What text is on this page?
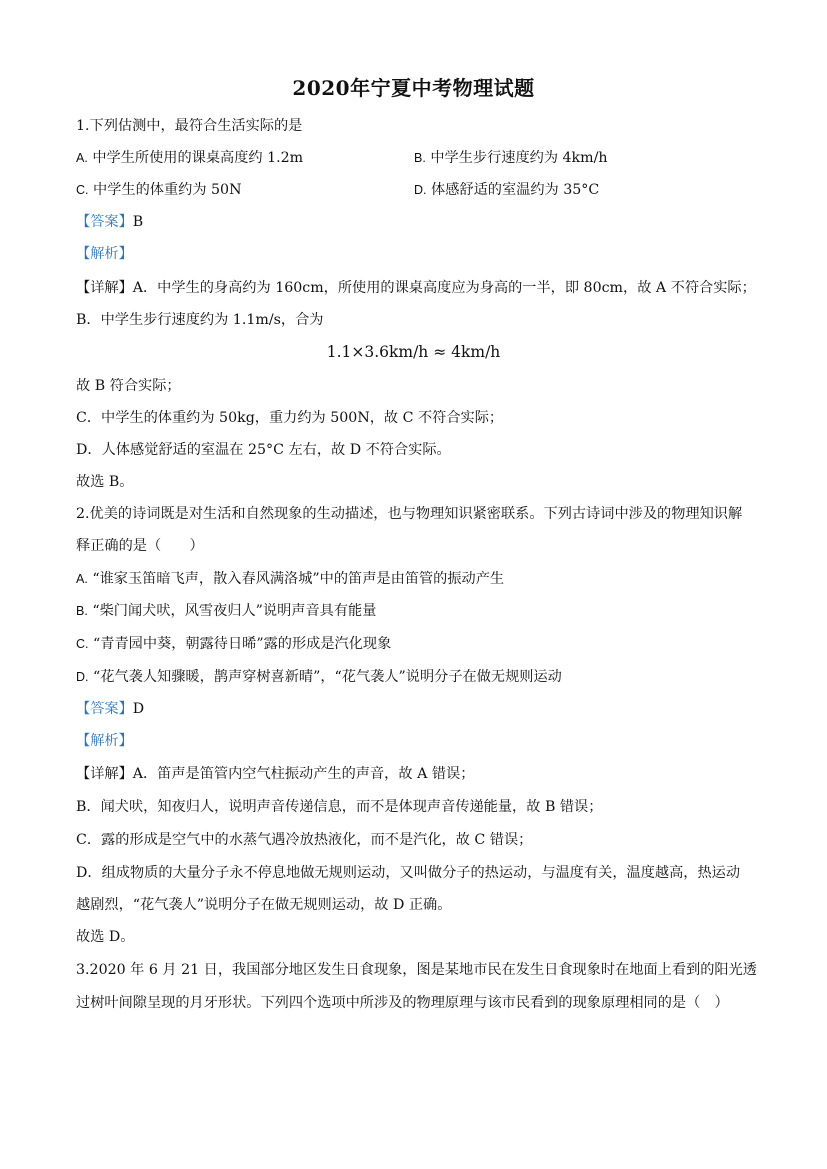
2020年宁夏中考物理试题
1.下列估测中，最符合生活实际的是
A. 中学生所使用的课桌高度约 1.2m	B. 中学生步行速度约为 4km/h
C. 中学生的体重约为 50N	D. 体感舒适的室温约为 35°C
【答案】B
【解析】
【详解】A．中学生的身高约为 160cm，所使用的课桌高度应为身高的一半，即 80cm，故 A 不符合实际；
B．中学生步行速度约为 1.1m/s，合为
1.1×3.6km/h ≈ 4km/h
故 B 符合实际；
C．中学生的体重约为 50kg，重力约为 500N，故 C 不符合实际；
D．人体感觉舒适的室温在 25°C 左右，故 D 不符合实际。
故选 B。
2.优美的诗词既是对生活和自然现象的生动描述，也与物理知识紧密联系。下列古诗词中涉及的物理知识解
释正确的是（　　）
A. “谁家玉笛暗飞声，散入春风满洛城”中的笛声是由笛管的振动产生
B. “柴门闻犬吠，风雪夜归人”说明声音具有能量
C. “青青园中葵，朝露待日晞”露的形成是汽化现象
D. “花气袭人知骤暖，鹊声穿树喜新晴”，“花气袭人”说明分子在做无规则运动
【答案】D
【解析】
【详解】A．笛声是笛管内空气柱振动产生的声音，故 A 错误；
B．闻犬吠，知夜归人，说明声音传递信息，而不是体现声音传递能量，故 B 错误；
C．露的形成是空气中的水蒸气遇冷放热液化，而不是汽化，故 C 错误；
D．组成物质的大量分子永不停息地做无规则运动，又叫做分子的热运动，与温度有关，温度越高，热运动
越剧烈，“花气袭人”说明分子在做无规则运动，故 D 正确。
故选 D。
3.2020 年 6 月 21 日，我国部分地区发生日食现象，图是某地市民在发生日食现象时在地面上看到的阳光透
过树叶间隙呈现的月牙形状。下列四个选项中所涉及的物理原理与该市民看到的现象原理相同的是（　）
